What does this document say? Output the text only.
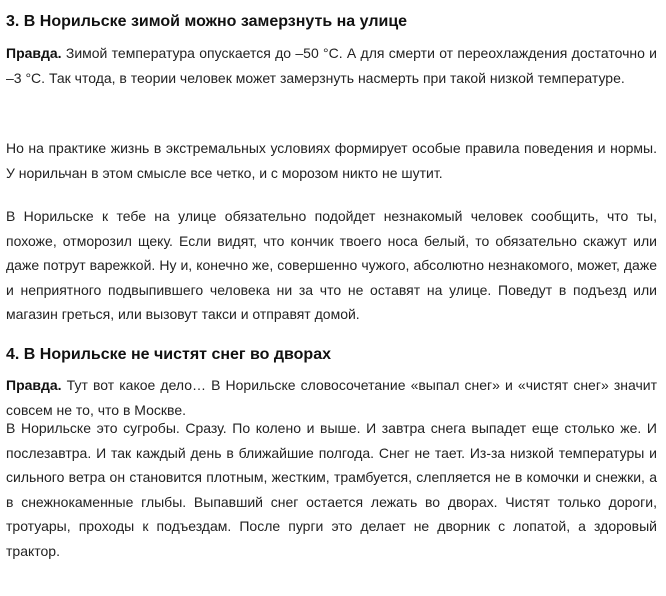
3. В Норильске зимой можно замерзнуть на улице

Правда. Зимой температура опускается до –50 °C. А для смерти от переохлаждения достаточно и –3 °C. Так чтода, в теории человек может замерзнуть насмерть при такой низкой температуре.

Но на практике жизнь в экстремальных условиях формирует особые правила поведения и нормы. У норильчан в этом смысле все четко, и с морозом никто не шутит.

В Норильске к тебе на улице обязательно подойдет незнакомый человек сообщить, что ты, похоже, отморозил щеку. Если видят, что кончик твоего носа белый, то обязательно скажут или даже потрут варежкой. Ну и, конечно же, совершенно чужого, абсолютно незнакомого, может, даже и неприятного подвыпившего человека ни за что не оставят на улице. Поведут в подъезд или магазин греться, или вызовут такси и отправят домой.

4. В Норильске не чистят снег во дворах

Правда. Тут вот какое дело… В Норильске словосочетание «выпал снег» и «чистят снег» значит совсем не то, что в Москве.

В Норильске это сугробы. Сразу. По колено и выше. И завтра снега выпадет еще столько же. И послезавтра. И так каждый день в ближайшие полгода. Снег не тает. Из-за низкой температуры и сильного ветра он становится плотным, жестким, трамбуется, слепляется не в комочки и снежки, а в снежнокаменные глыбы. Выпавший снег остается лежать во дворах. Чистят только дороги, тротуары, проходы к подъездам. После пурги это делает не дворник с лопатой, а здоровый трактор.
